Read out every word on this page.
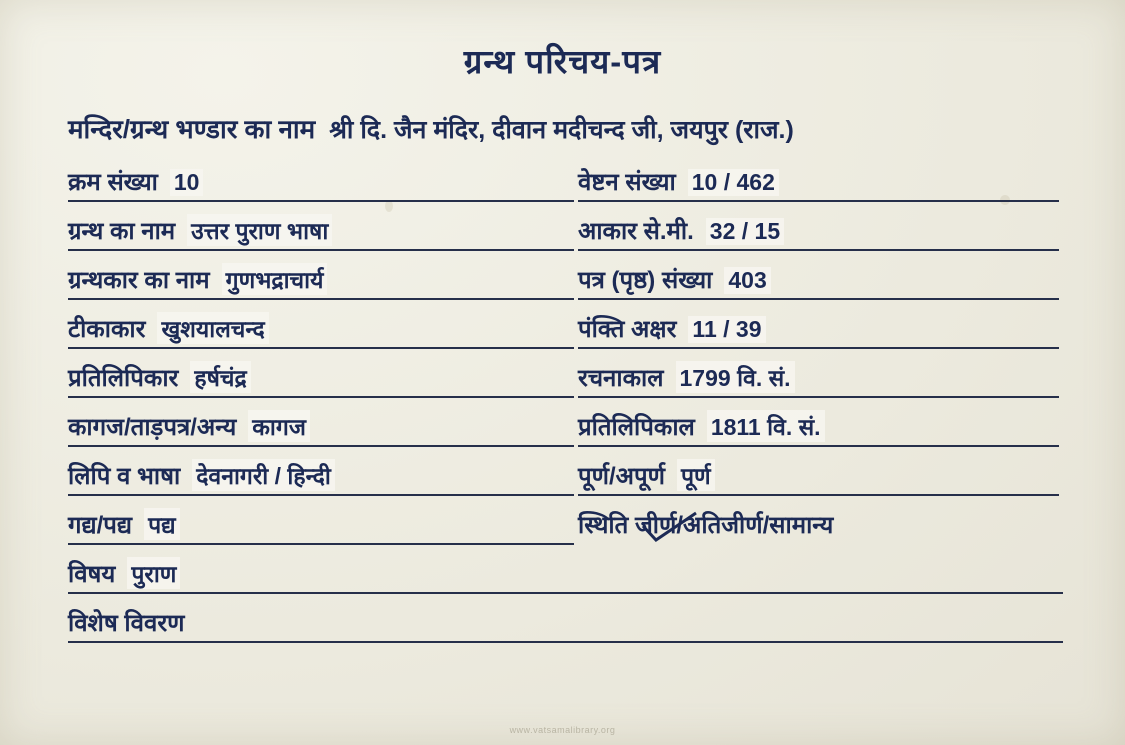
ग्रन्थ परिचय-पत्र
मन्दिर/ग्रन्थ भण्डार का नाम श्री दि. जैन मंदिर, दीवान मदीचन्द जी, जयपुर (राज.)
क्रम संख्या 10	वेष्टन संख्या 10 / 462
ग्रन्थ का नाम उत्तर पुराण भाषा	आकार से.मी. 32 / 15
ग्रन्थकार का नाम गुणभद्राचार्य	पत्र (पृष्ठ) संख्या 403
टीकाकार खुशयालचन्द	पंक्ति अक्षर 11 / 39
प्रतिलिपिकार हर्षचंद्र	रचनाकाल 1799 वि. सं.
कागज/ताड़पत्र/अन्य कागज	प्रतिलिपिकाल 1811 वि. सं.
लिपि व भाषा देवनागरी / हिन्दी	पूर्ण/अपूर्ण पूर्ण
गद्य/पद्य पद्य	स्थिति जीर्ण/अतिजीर्ण/सामान्य
विषय पुराण
विशेष विवरण
www.vatsamalibrary.org
